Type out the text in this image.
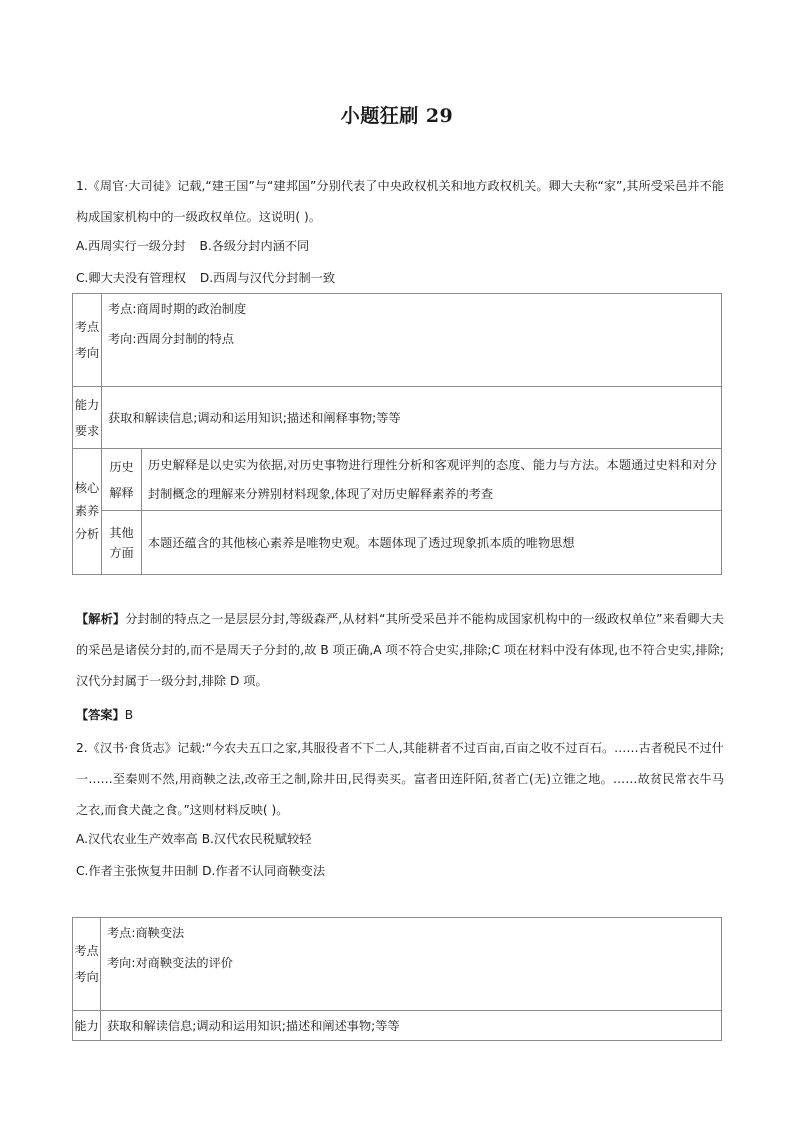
小题狂刷 29
1.《周官·大司徒》记载,“建王国”与“建邦国”分别代表了中央政权机关和地方政权机关。卿大夫称“家”,其所受采邑并不能构成国家机构中的一级政权单位。这说明( )。
A.西周实行一级分封 B.各级分封内涵不同
C.卿大夫没有管理权 D.西周与汉代分封制一致
考点考向	考点:商周时期的政治制度
考向:西周分封制的特点	

能力要求	获取和解读信息;调动和运用知识;描述和阐释事物;等等	

核心素养分析	历史解释	历史解释是以史实为依据,对历史事物进行理性分析和客观评判的态度、能力与方法。本题通过史料和对分封制概念的理解来分辨别材料现象,体现了对历史解释素养的考查

	其他方面	本题还蕴含的其他核心素养是唯物史观。本题体现了透过现象抓本质的唯物思想
【解析】分封制的特点之一是层层分封,等级森严,从材料“其所受采邑并不能构成国家机构中的一级政权单位”来看卿大夫的采邑是诸侯分封的,而不是周天子分封的,故 B 项正确,A 项不符合史实,排除;C 项在材料中没有体现,也不符合史实,排除;汉代分封属于一级分封,排除 D 项。
【答案】B
2.《汉书·食货志》记载:“今农夫五口之家,其服役者不下二人,其能耕者不过百亩,百亩之收不过百石。……古者税民不过什一……至秦则不然,用商鞅之法,改帝王之制,除井田,民得卖买。富者田连阡陌,贫者亡(无)立锥之地。……故贫民常衣牛马之衣,而食犬彘之食。”这则材料反映( )。
A.汉代农业生产效率高 B.汉代农民税赋较轻
C.作者主张恢复井田制 D.作者不认同商鞅变法
考点考向	考点:商鞅变法
考向:对商鞅变法的评价

能力	获取和解读信息;调动和运用知识;描述和阐述事物;等等
